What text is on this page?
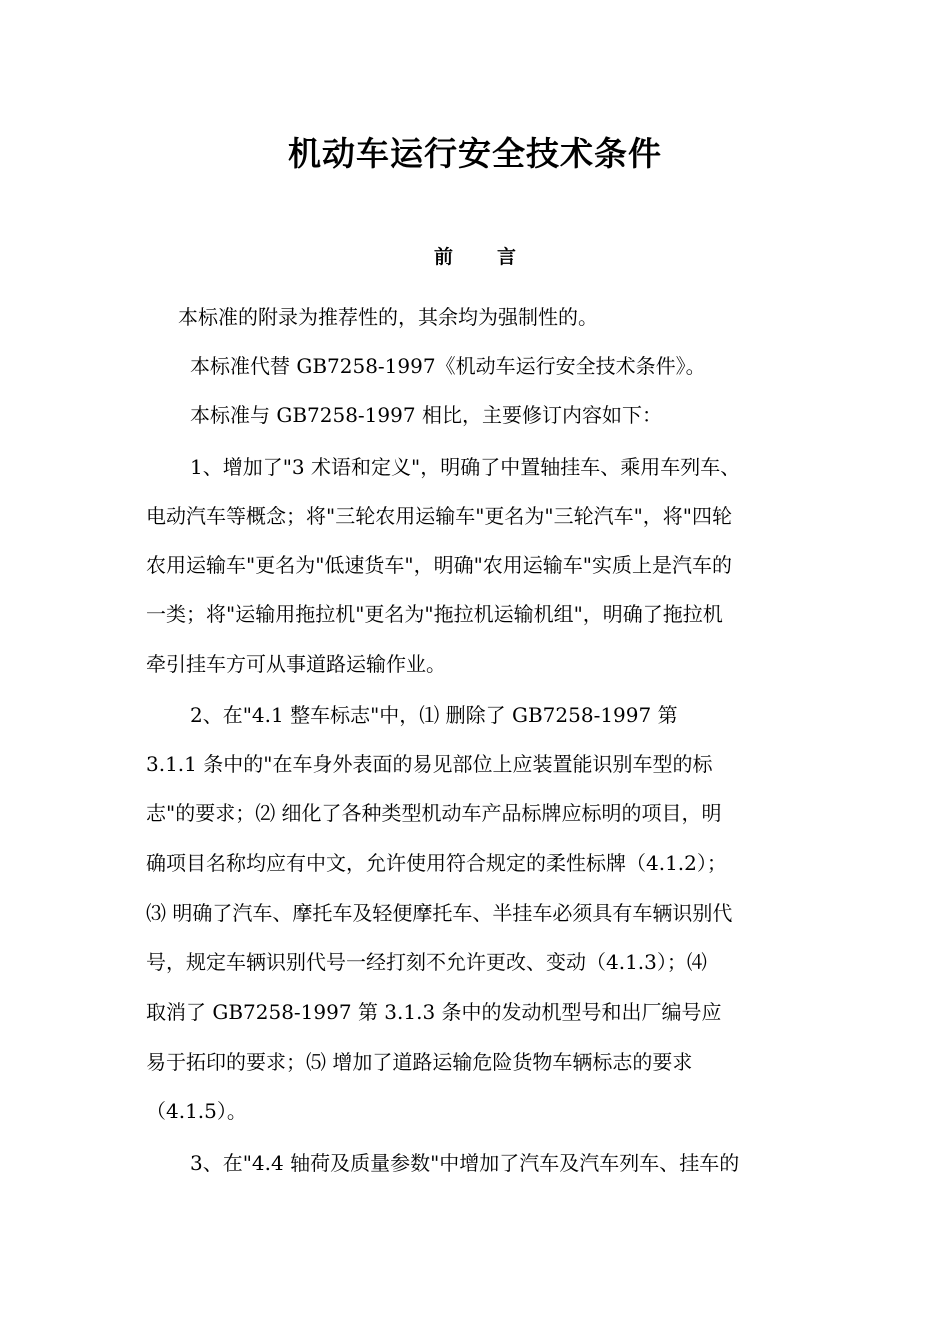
机动车运行安全技术条件
前 言
本标准的附录为推荐性的，其余均为强制性的。
本标准代替 GB7258-1997《机动车运行安全技术条件》。
本标准与 GB7258-1997 相比，主要修订内容如下：
1、增加了"3 术语和定义"，明确了中置轴挂车、乘用车列车、
电动汽车等概念；将"三轮农用运输车"更名为"三轮汽车"，将"四轮
农用运输车"更名为"低速货车"，明确"农用运输车"实质上是汽车的
一类；将"运输用拖拉机"更名为"拖拉机运输机组"，明确了拖拉机
牵引挂车方可从事道路运输作业。
2、在"4.1 整车标志"中，⑴ 删除了 GB7258-1997 第
3.1.1 条中的"在车身外表面的易见部位上应装置能识别车型的标
志"的要求；⑵ 细化了各种类型机动车产品标牌应标明的项目，明
确项目名称均应有中文，允许使用符合规定的柔性标牌（4.1.2）；
⑶ 明确了汽车、摩托车及轻便摩托车、半挂车必须具有车辆识别代
号，规定车辆识别代号一经打刻不允许更改、变动（4.1.3）；⑷
取消了 GB7258-1997 第 3.1.3 条中的发动机型号和出厂编号应
易于拓印的要求；⑸ 增加了道路运输危险货物车辆标志的要求
（4.1.5）。
3、在"4.4 轴荷及质量参数"中增加了汽车及汽车列车、挂车的
